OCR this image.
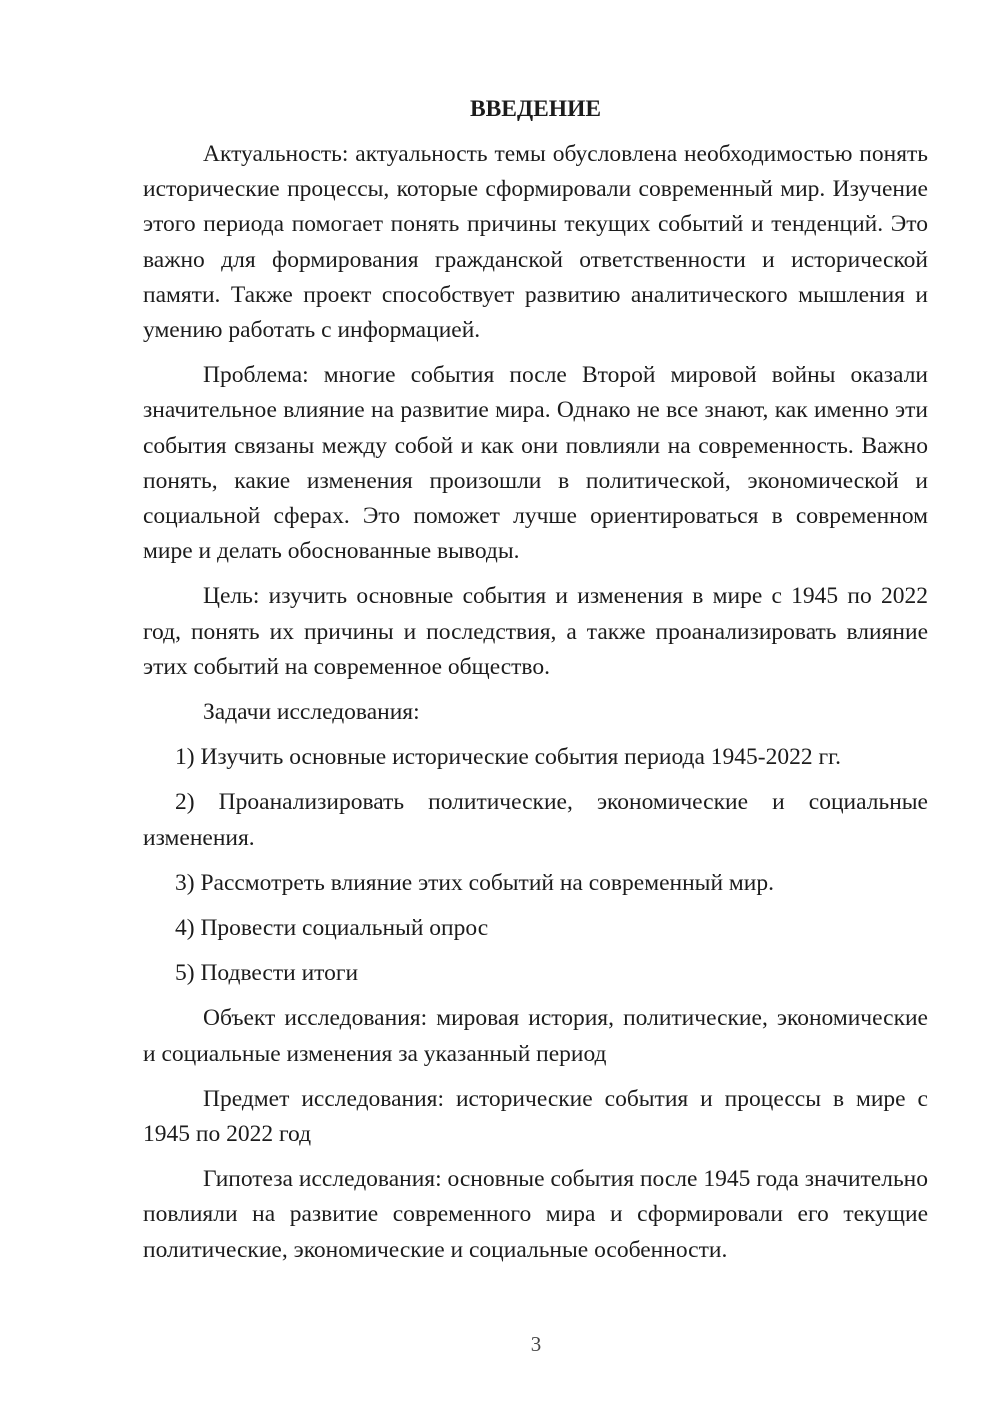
ВВЕДЕНИЕ

Актуальность: актуальность темы обусловлена необходимостью понять исторические процессы, которые сформировали современный мир. Изучение этого периода помогает понять причины текущих событий и тенденций. Это важно для формирования гражданской ответственности и исторической памяти. Также проект способствует развитию аналитического мышления и умению работать с информацией.

Проблема: многие события после Второй мировой войны оказали значительное влияние на развитие мира. Однако не все знают, как именно эти события связаны между собой и как они повлияли на современность. Важно понять, какие изменения произошли в политической, экономической и социальной сферах. Это поможет лучше ориентироваться в современном мире и делать обоснованные выводы.

Цель: изучить основные события и изменения в мире с 1945 по 2022 год, понять их причины и последствия, а также проанализировать влияние этих событий на современное общество.

Задачи исследования:

1) Изучить основные исторические события периода 1945-2022 гг.

2) Проанализировать политические, экономические и социальные изменения.

3) Рассмотреть влияние этих событий на современный мир.

4) Провести социальный опрос

5) Подвести итоги

Объект исследования: мировая история, политические, экономические и социальные изменения за указанный период

Предмет исследования: исторические события и процессы в мире с 1945 по 2022 год

Гипотеза исследования: основные события после 1945 года значительно повлияли на развитие современного мира и сформировали его текущие политические, экономические и социальные особенности.

3
